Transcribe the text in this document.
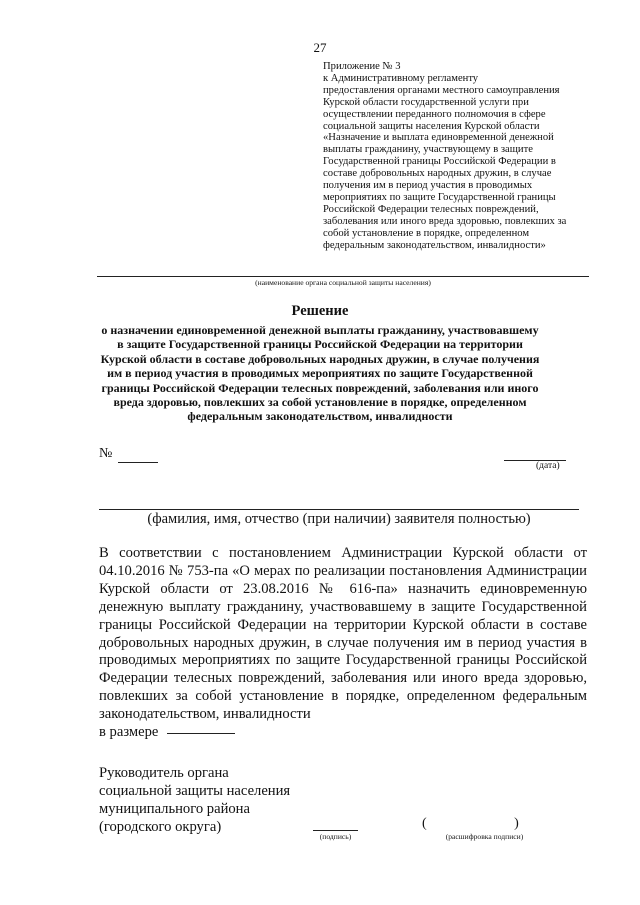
27
Приложение № 3
к Административному регламенту
предоставления органами местного самоуправления
Курской области государственной услуги при
осуществлении переданного полномочия в сфере
социальной защиты населения Курской области
«Назначение и выплата единовременной денежной
выплаты гражданину, участвующему в защите
Государственной границы Российской Федерации в
составе добровольных народных дружин, в случае
получения им в период участия в проводимых
мероприятиях по защите Государственной границы
Российской Федерации телесных повреждений,
заболевания или иного вреда здоровью, повлекших за
собой установление в порядке, определенном
федеральным законодательством, инвалидности»
(наименование органа социальной защиты населения)
Решение
о назначении единовременной денежной выплаты гражданину, участвовавшему
в защите Государственной границы Российской Федерации на территории
Курской области в составе добровольных народных дружин, в случае получения
им в период участия в проводимых мероприятиях по защите Государственной
границы Российской Федерации телесных повреждений, заболевания или иного
вреда здоровью, повлекших за собой установление в порядке, определенном
федеральным законодательством, инвалидности
№
(дата)
(фамилия, имя, отчество (при наличии) заявителя полностью)
В соответствии с постановлением Администрации Курской области от 04.10.2016 № 753-па «О мерах по реализации постановления Администрации Курской области от 23.08.2016 № 616-па» назначить единовременную денежную выплату гражданину, участвовавшему в защите Государственной границы Российской Федерации на территории Курской области в составе добровольных народных дружин, в случае получения им в период участия в проводимых мероприятиях по защите Государственной границы Российской Федерации телесных повреждений, заболевания или иного вреда здоровью, повлекших за собой установление в порядке, определенном федеральным законодательством, инвалидности
в размере
Руководитель органа
социальной защиты населения
муниципального района
(городского округа)
(подпись)
(                         )
(расшифровка подписи)
